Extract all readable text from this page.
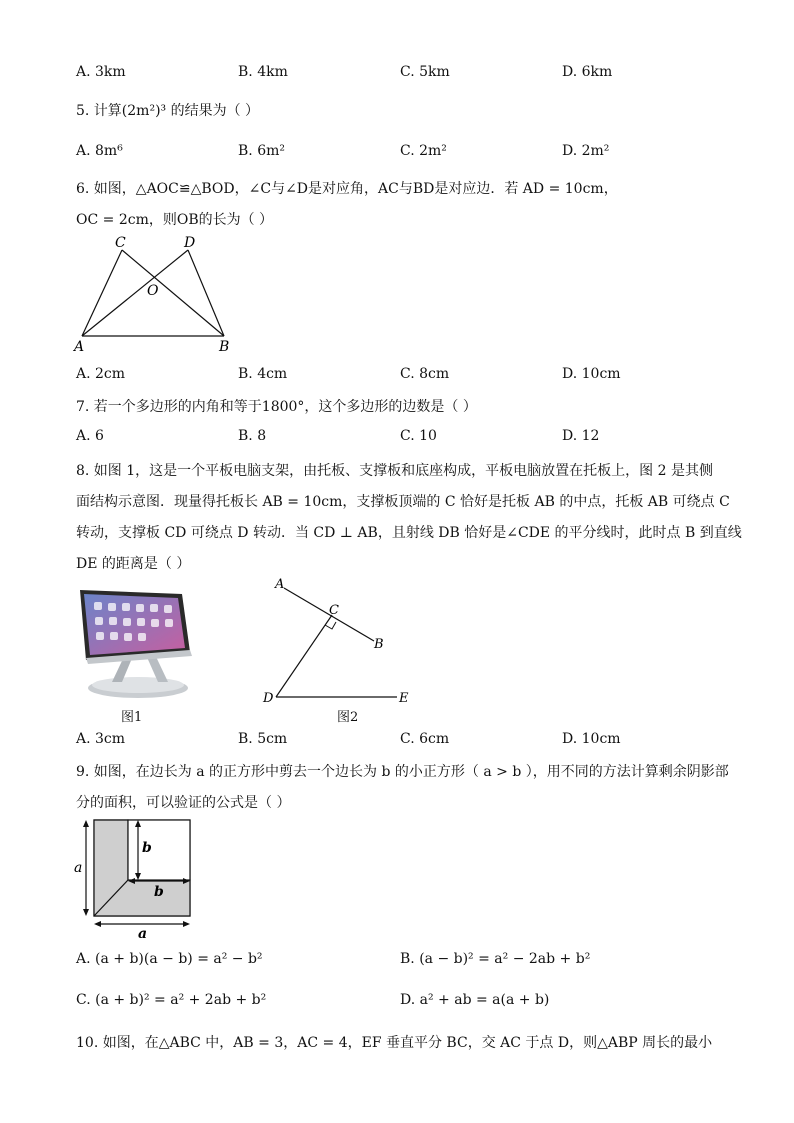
A. 3km	B. 4km	C. 5km	D. 6km
5. 计算(2m²)³ 的结果为（ ）
A. 8m⁶	B. 6m²	C. 2m²	D. 2m²
6. 如图，△AOC≌△BOD，∠C与∠D是对应角，AC与BD是对应边．若 AD = 10cm，
OC = 2cm，则OB的长为（ ）
C	D
O
A	B
A. 2cm	B. 4cm	C. 8cm	D. 10cm
7. 若一个多边形的内角和等于1800°，这个多边形的边数是（ ）
A. 6	B. 8	C. 10	D. 12
8. 如图 1，这是一个平板电脑支架，由托板、支撑板和底座构成，平板电脑放置在托板上，图 2 是其侧
面结构示意图．现量得托板长 AB = 10cm，支撑板顶端的 C 恰好是托板 AB 的中点，托板 AB 可绕点 C
转动，支撑板 CD 可绕点 D 转动．当 CD ⊥ AB，且射线 DB 恰好是∠CDE 的平分线时，此时点 B 到直线
DE 的距离是（ ）
图1
A
C
B
D	E
图2
A. 3cm	B. 5cm	C. 6cm	D. 10cm
9. 如图，在边长为 a 的正方形中剪去一个边长为 b 的小正方形（ a > b ），用不同的方法计算剩余阴影部
分的面积，可以验证的公式是（ ）
a
b
b
a
A. (a + b)(a − b) = a² − b²	B. (a − b)² = a² − 2ab + b²
C. (a + b)² = a² + 2ab + b²	D. a² + ab = a(a + b)
10. 如图，在△ABC 中，AB = 3，AC = 4，EF 垂直平分 BC，交 AC 于点 D，则△ABP 周长的最小
